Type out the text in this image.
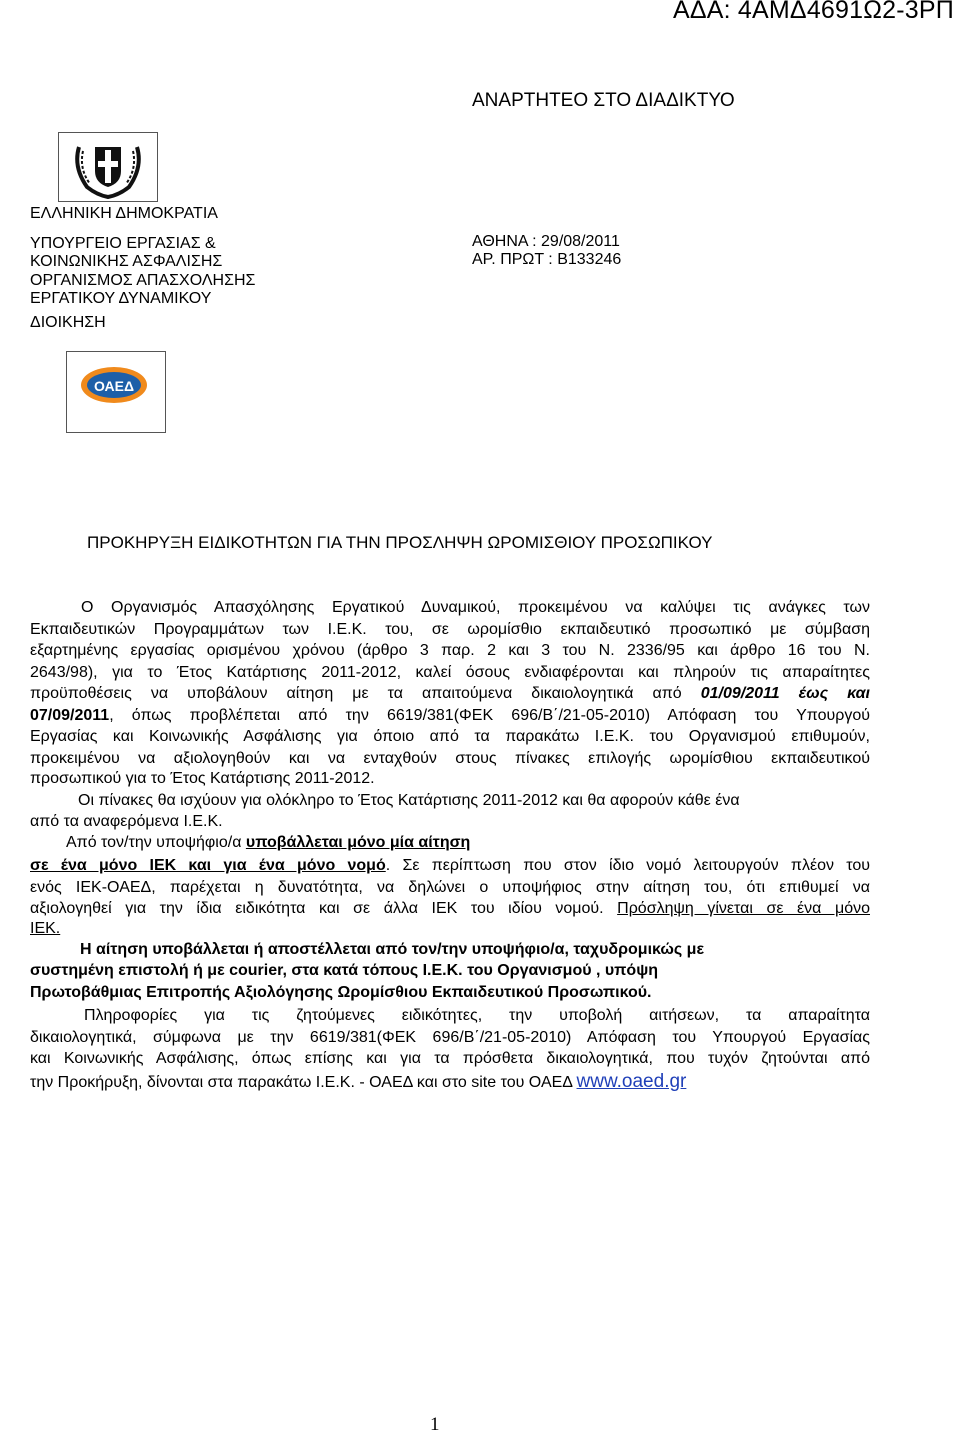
ΑΔΑ: 4ΑΜΔ4691Ω2-3ΡΠ
ΑΝΑΡΤΗΤΕΟ ΣΤΟ ΔΙΑΔΙΚΤΥΟ
ΕΛΛΗΝΙΚΗ ΔΗΜΟΚΡΑΤΙΑ
ΥΠΟΥΡΓΕΙΟ ΕΡΓΑΣΙΑΣ &
ΚΟΙΝΩΝΙΚΗΣ ΑΣΦΑΛΙΣΗΣ
ΟΡΓΑΝΙΣΜΟΣ ΑΠΑΣΧΟΛΗΣΗΣ
ΕΡΓΑΤΙΚΟΥ ΔΥΝΑΜΙΚΟΥ
ΔΙΟΙΚΗΣΗ
ΑΘΗΝΑ : 29/08/2011
ΑΡ. ΠΡΩΤ : Β133246
ΟΑΕΔ
ΠΡΟΚΗΡΥΞΗ ΕΙΔΙΚΟΤΗΤΩΝ ΓΙΑ ΤΗΝ ΠΡΟΣΛΗΨΗ ΩΡΟΜΙΣΘΙΟΥ ΠΡΟΣΩΠΙΚΟΥ
Ο Οργανισμός Απασχόλησης Εργατικού Δυναμικού, προκειμένου να καλύψει τις ανάγκες των
Εκπαιδευτικών Προγραμμάτων των Ι.Ε.Κ. του, σε ωρομίσθιο εκπαιδευτικό προσωπικό με σύμβαση
εξαρτημένης εργασίας ορισμένου χρόνου (άρθρο 3 παρ. 2 και 3 του Ν. 2336/95 και άρθρο 16 του Ν.
2643/98), για το Έτος Κατάρτισης 2011-2012, καλεί όσους ενδιαφέρονται και πληρούν τις απαραίτητες
προϋποθέσεις να υποβάλουν αίτηση με τα απαιτούμενα δικαιολογητικά από 01/09/2011 έως και
07/09/2011, όπως προβλέπεται από την 6619/381(ΦΕΚ 696/Β΄/21-05-2010) Απόφαση του Υπουργού
Εργασίας και Κοινωνικής Ασφάλισης για όποιο από τα παρακάτω Ι.Ε.Κ. του Οργανισμού επιθυμούν,
προκειμένου να αξιολογηθούν και να ενταχθούν στους πίνακες επιλογής ωρομίσθιου εκπαιδευτικού
προσωπικού για το Έτος Κατάρτισης 2011-2012.
Οι πίνακες θα ισχύουν για ολόκληρο το Έτος Κατάρτισης 2011-2012 και θα αφορούν κάθε ένα
από τα αναφερόμενα Ι.Ε.Κ.
Από τον/την υποψήφιο/α υποβάλλεται μόνο μία αίτηση
σε ένα μόνο ΙΕΚ και για ένα μόνο νομό. Σε περίπτωση που στον ίδιο νομό λειτουργούν πλέον του
ενός ΙΕΚ-ΟΑΕΔ, παρέχεται η δυνατότητα, να δηλώνει ο υποψήφιος στην αίτηση του, ότι επιθυμεί να
αξιολογηθεί για την ίδια ειδικότητα και σε άλλα ΙΕΚ του ιδίου νομού. Πρόσληψη γίνεται σε ένα μόνο
ΙΕΚ.
Η αίτηση υποβάλλεται ή αποστέλλεται από τον/την υποψήφιο/α, ταχυδρομικώς με
συστημένη επιστολή ή με courier, στα κατά τόπους Ι.Ε.Κ. του Οργανισμού , υπόψη
Πρωτοβάθμιας Επιτροπής Αξιολόγησης Ωρομίσθιου Εκπαιδευτικού Προσωπικού.
Πληροφορίες για τις ζητούμενες ειδικότητες, την υποβολή αιτήσεων, τα απαραίτητα
δικαιολογητικά, σύμφωνα με την 6619/381(ΦΕΚ 696/Β΄/21-05-2010) Απόφαση του Υπουργού Εργασίας
και Κοινωνικής Ασφάλισης, όπως επίσης και για τα πρόσθετα δικαιολογητικά, που τυχόν ζητούνται από
την Προκήρυξη, δίνονται στα παρακάτω Ι.Ε.Κ. - ΟΑΕΔ και στο site του ΟΑΕΔ www.oaed.gr
1
